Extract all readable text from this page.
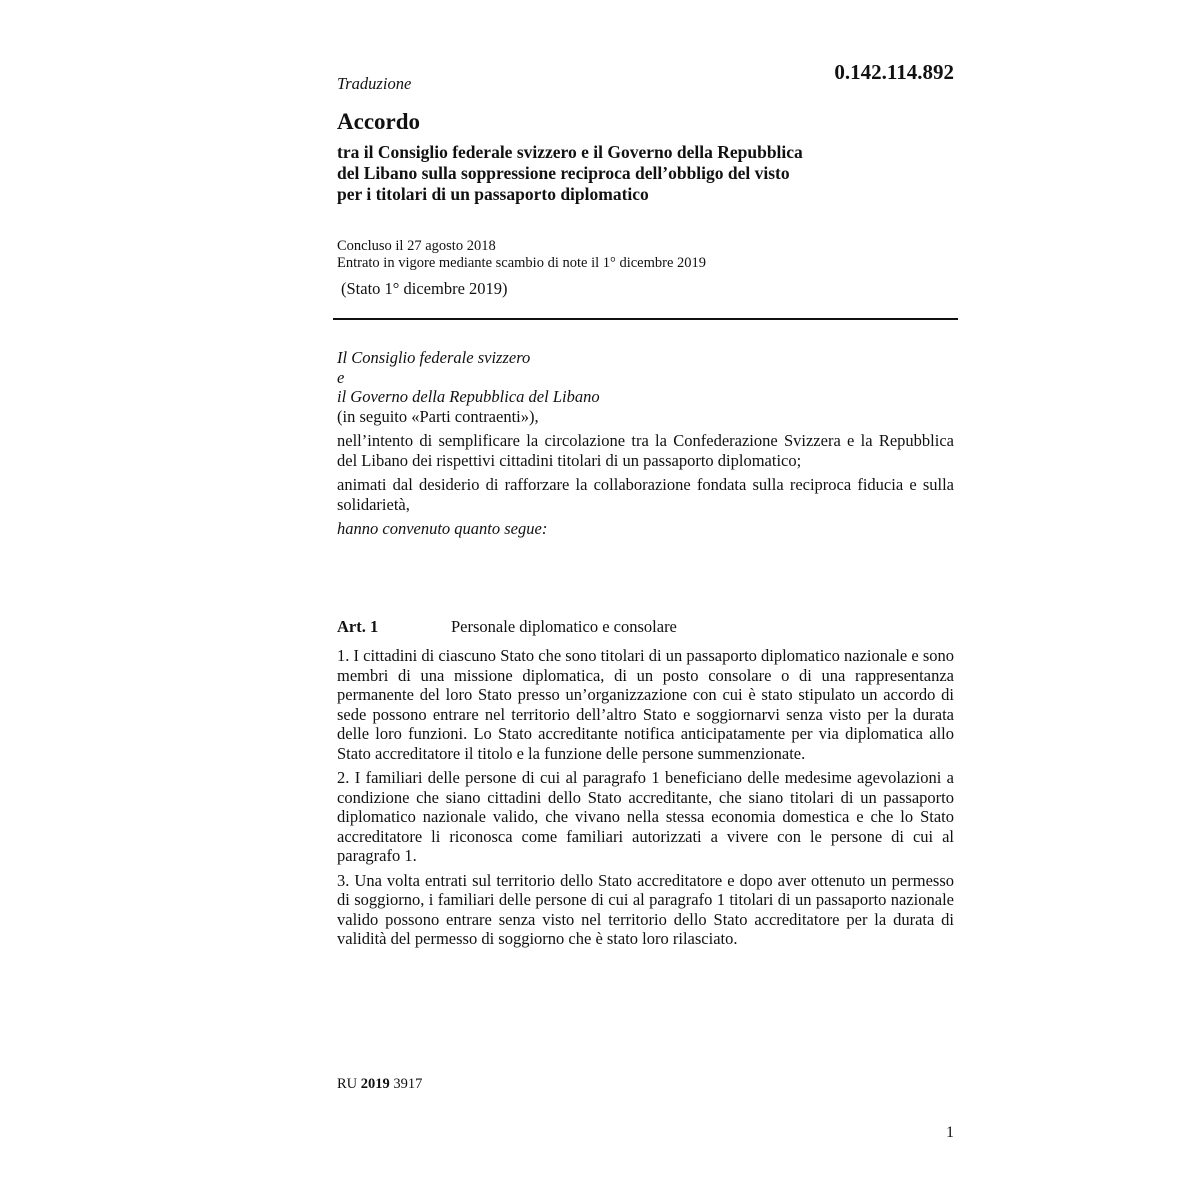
Traduzione	0.142.114.892
Accordo
tra il Consiglio federale svizzero e il Governo della Repubblica
del Libano sulla soppressione reciproca dell’obbligo del visto
per i titolari di un passaporto diplomatico
Concluso il 27 agosto 2018
Entrato in vigore mediante scambio di note il 1° dicembre 2019
(Stato 1° dicembre 2019)
Il Consiglio federale svizzero
e
il Governo della Repubblica del Libano
(in seguito «Parti contraenti»),
nell’intento di semplificare la circolazione tra la Confederazione Svizzera e la Repubblica del Libano dei rispettivi cittadini titolari di un passaporto diplomatico;
animati dal desiderio di rafforzare la collaborazione fondata sulla reciproca fiducia e sulla solidarietà,
hanno convenuto quanto segue:
Art. 1	Personale diplomatico e consolare
1. I cittadini di ciascuno Stato che sono titolari di un passaporto diplomatico nazionale e sono membri di una missione diplomatica, di un posto consolare o di una rappresentanza permanente del loro Stato presso un’organizzazione con cui è stato stipulato un accordo di sede possono entrare nel territorio dell’altro Stato e soggiornarvi senza visto per la durata delle loro funzioni. Lo Stato accreditante notifica anticipatamente per via diplomatica allo Stato accreditatore il titolo e la funzione delle persone summenzionate.
2. I familiari delle persone di cui al paragrafo 1 beneficiano delle medesime agevolazioni a condizione che siano cittadini dello Stato accreditante, che siano titolari di un passaporto diplomatico nazionale valido, che vivano nella stessa economia domestica e che lo Stato accreditatore li riconosca come familiari autorizzati a vivere con le persone di cui al paragrafo 1.
3. Una volta entrati sul territorio dello Stato accreditatore e dopo aver ottenuto un permesso di soggiorno, i familiari delle persone di cui al paragrafo 1 titolari di un passaporto nazionale valido possono entrare senza visto nel territorio dello Stato accreditatore per la durata di validità del permesso di soggiorno che è stato loro rilasciato.
RU 2019 3917
1
